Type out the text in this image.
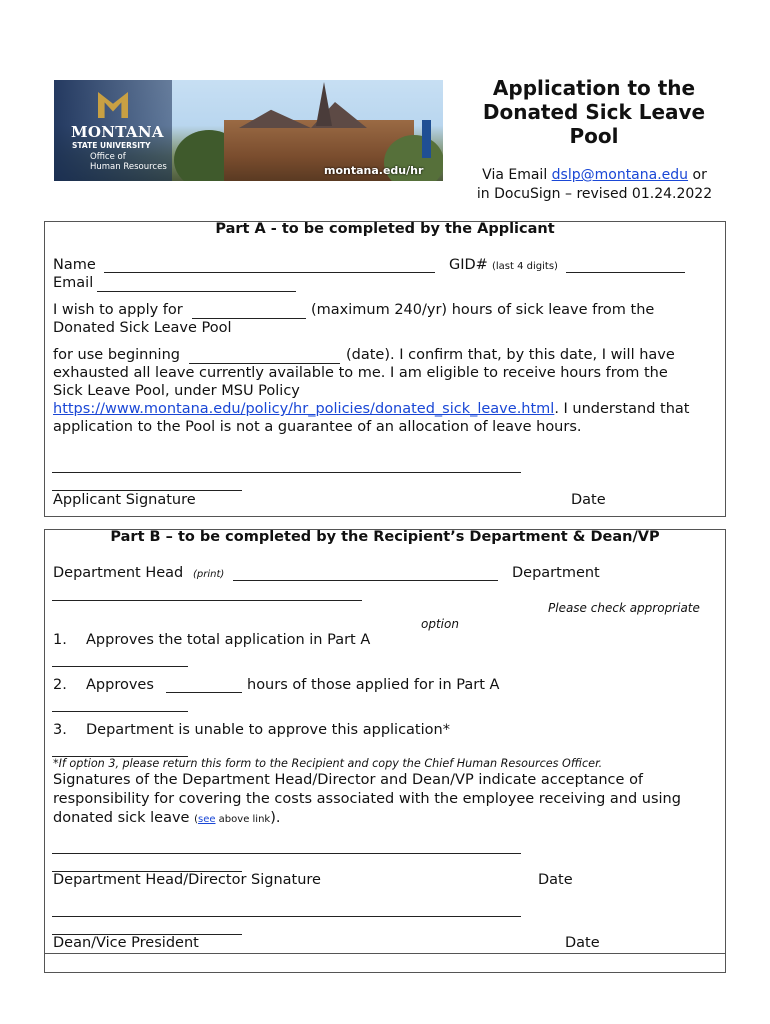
MONTANA
STATE UNIVERSITY
Office of
Human Resources	montana.edu/hr
Application to the Donated Sick Leave Pool
Via Email dslp@montana.edu or
in DocuSign – revised 01.24.2022
Part A - to be completed by the Applicant
Name	GID# (last 4 digits)
Email
I wish to apply for	(maximum 240/yr) hours of sick leave from the
Donated Sick Leave Pool
for use beginning	(date). I confirm that, by this date, I will have
exhausted all leave currently available to me. I am eligible to receive hours from the
Sick Leave Pool, under MSU Policy
https://www.montana.edu/policy/hr_policies/donated_sick_leave.html. I understand that
application to the Pool is not a guarantee of an allocation of leave hours.
Applicant Signature	Date
Part B – to be completed by the Recipient’s Department & Dean/VP
Department Head (print)	Department
Please check appropriate
option
1. Approves the total application in Part A
2. Approves	hours of those applied for in Part A
3. Department is unable to approve this application*
*If option 3, please return this form to the Recipient and copy the Chief Human Resources Officer.
Signatures of the Department Head/Director and Dean/VP indicate acceptance of
responsibility for covering the costs associated with the employee receiving and using
donated sick leave (see above link).
Department Head/Director Signature	Date
Dean/Vice President	Date
